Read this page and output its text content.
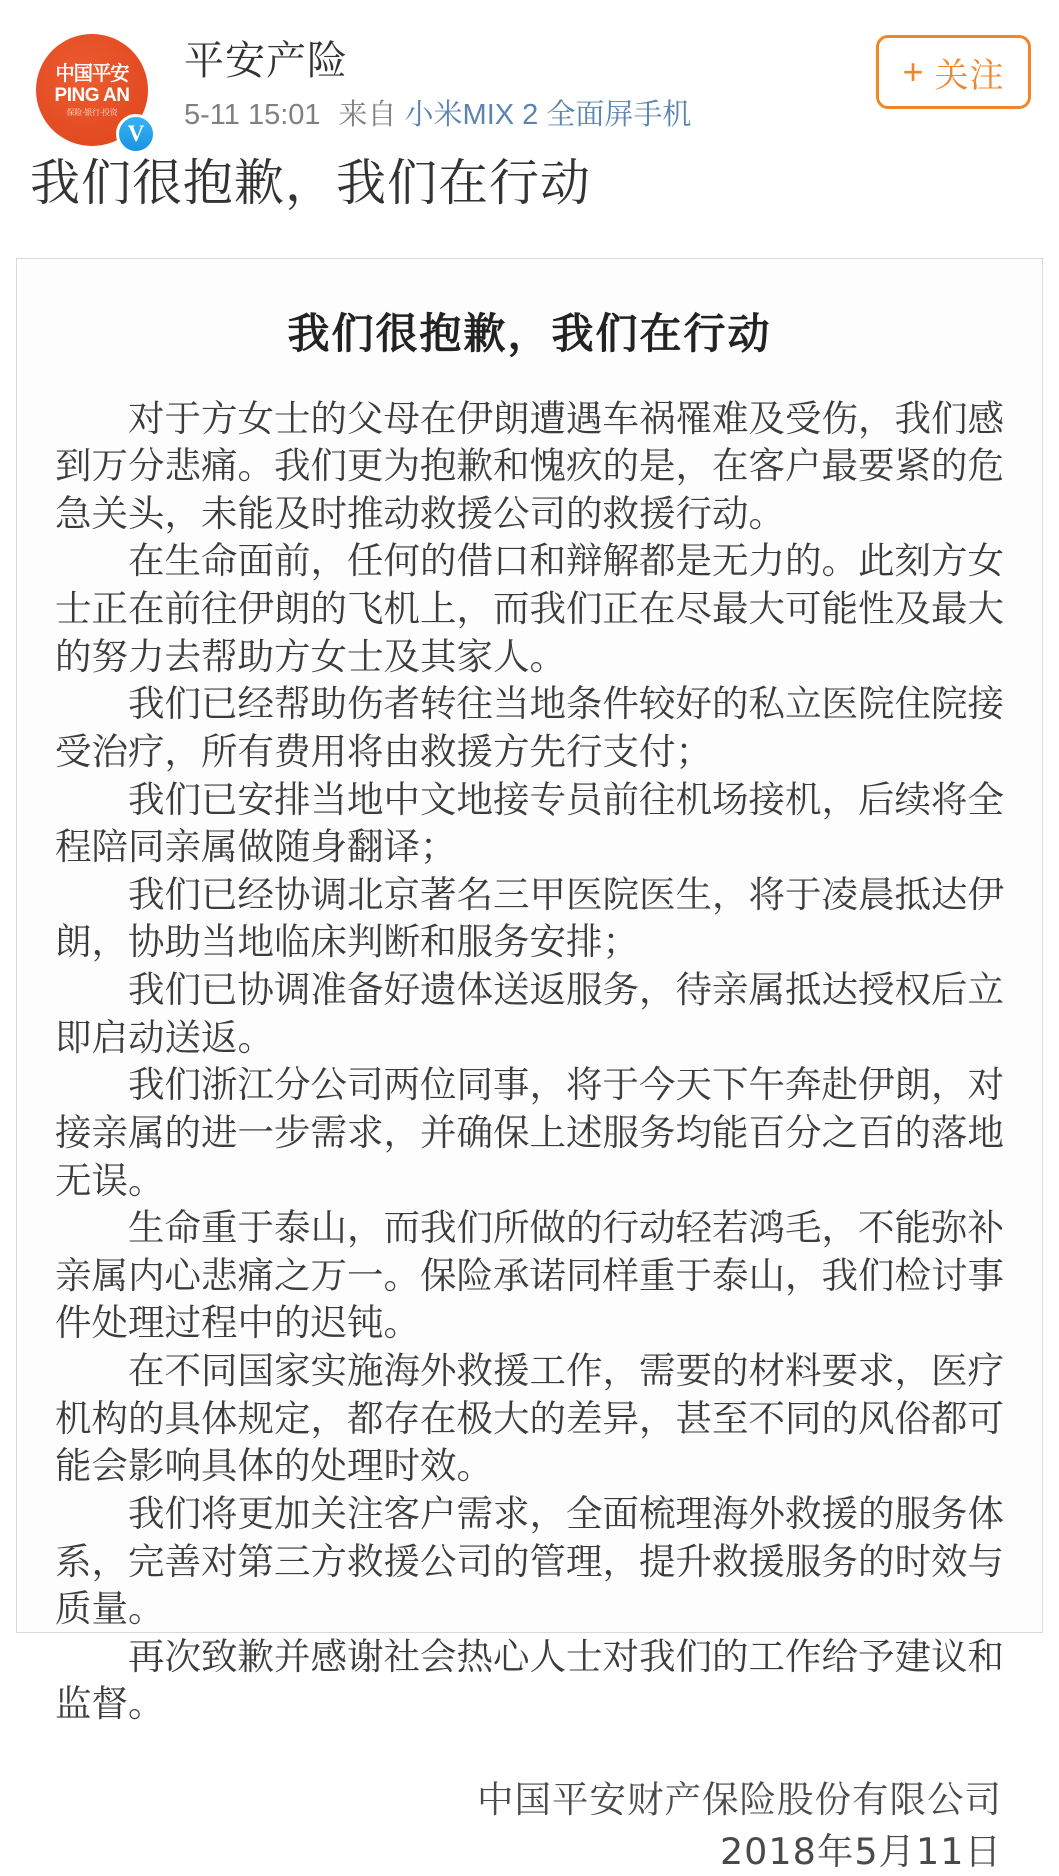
中国平安
PING AN
保险·银行·投资
V
平安产险
5-11 15:01 来自 小米MIX 2 全面屏手机
+ 关注
我们很抱歉，我们在行动
我们很抱歉，我们在行动

对于方女士的父母在伊朗遭遇车祸罹难及受伤，我们感到万分悲痛。我们更为抱歉和愧疚的是，在客户最要紧的危急关头，未能及时推动救援公司的救援行动。

在生命面前，任何的借口和辩解都是无力的。此刻方女士正在前往伊朗的飞机上，而我们正在尽最大可能性及最大的努力去帮助方女士及其家人。

我们已经帮助伤者转往当地条件较好的私立医院住院接受治疗，所有费用将由救援方先行支付；

我们已安排当地中文地接专员前往机场接机，后续将全程陪同亲属做随身翻译；

我们已经协调北京著名三甲医院医生，将于凌晨抵达伊朗，协助当地临床判断和服务安排；

我们已协调准备好遗体送返服务，待亲属抵达授权后立即启动送返。

我们浙江分公司两位同事，将于今天下午奔赴伊朗，对接亲属的进一步需求，并确保上述服务均能百分之百的落地无误。

生命重于泰山，而我们所做的行动轻若鸿毛，不能弥补亲属内心悲痛之万一。保险承诺同样重于泰山，我们检讨事件处理过程中的迟钝。

在不同国家实施海外救援工作，需要的材料要求，医疗机构的具体规定，都存在极大的差异，甚至不同的风俗都可能会影响具体的处理时效。

我们将更加关注客户需求，全面梳理海外救援的服务体系，完善对第三方救援公司的管理，提升救援服务的时效与质量。

再次致歉并感谢社会热心人士对我们的工作给予建议和监督。

中国平安财产保险股份有限公司
2018年5月11日
